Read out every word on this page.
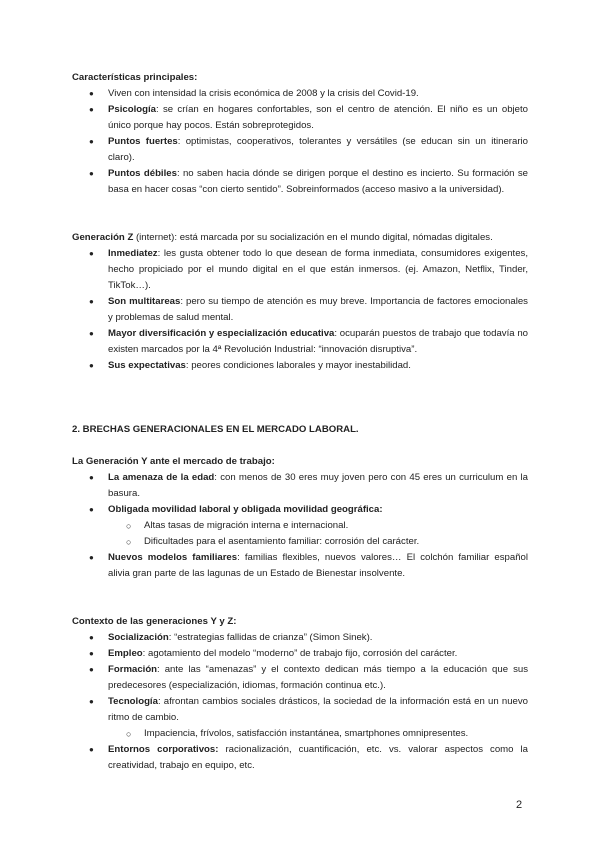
Características principales:

● Viven con intensidad la crisis económica de 2008 y la crisis del Covid-19.
● Psicología: se crían en hogares confortables, son el centro de atención. El niño es un objeto único porque hay pocos. Están sobreprotegidos.
● Puntos fuertes: optimistas, cooperativos, tolerantes y versátiles (se educan sin un itinerario claro).
● Puntos débiles: no saben hacia dónde se dirigen porque el destino es incierto. Su formación se basa en hacer cosas “con cierto sentido”. Sobreinformados (acceso masivo a la universidad).

Generación Z (internet): está marcada por su socialización en el mundo digital, nómadas digitales.

● Inmediatez: les gusta obtener todo lo que desean de forma inmediata, consumidores exigentes, hecho propiciado por el mundo digital en el que están inmersos. (ej. Amazon, Netflix, Tinder, TikTok…).
● Son multitareas: pero su tiempo de atención es muy breve. Importancia de factores emocionales y problemas de salud mental.
● Mayor diversificación y especialización educativa: ocuparán puestos de trabajo que todavía no existen marcados por la 4ª Revolución Industrial: “innovación disruptiva”.
● Sus expectativas: peores condiciones laborales y mayor inestabilidad.

2. BRECHAS GENERACIONALES EN EL MERCADO LABORAL.

La Generación Y ante el mercado de trabajo:

● La amenaza de la edad: con menos de 30 eres muy joven pero con 45 eres un curriculum en la basura.
● Obligada movilidad laboral y obligada movilidad geográfica:
○ Altas tasas de migración interna e internacional.
○ Dificultades para el asentamiento familiar: corrosión del carácter.
● Nuevos modelos familiares: familias flexibles, nuevos valores… El colchón familiar español alivia gran parte de las lagunas de un Estado de Bienestar insolvente.

Contexto de las generaciones Y y Z:

● Socialización: “estrategias fallidas de crianza” (Simon Sinek).
● Empleo: agotamiento del modelo “moderno” de trabajo fijo, corrosión del carácter.
● Formación: ante las “amenazas” y el contexto dedican más tiempo a la educación que sus predecesores (especialización, idiomas, formación continua etc.).
● Tecnología: afrontan cambios sociales drásticos, la sociedad de la información está en un nuevo ritmo de cambio.
○ Impaciencia, frívolos, satisfacción instantánea, smartphones omnipresentes.
● Entornos corporativos: racionalización, cuantificación, etc. vs. valorar aspectos como la creatividad, trabajo en equipo, etc.
2
